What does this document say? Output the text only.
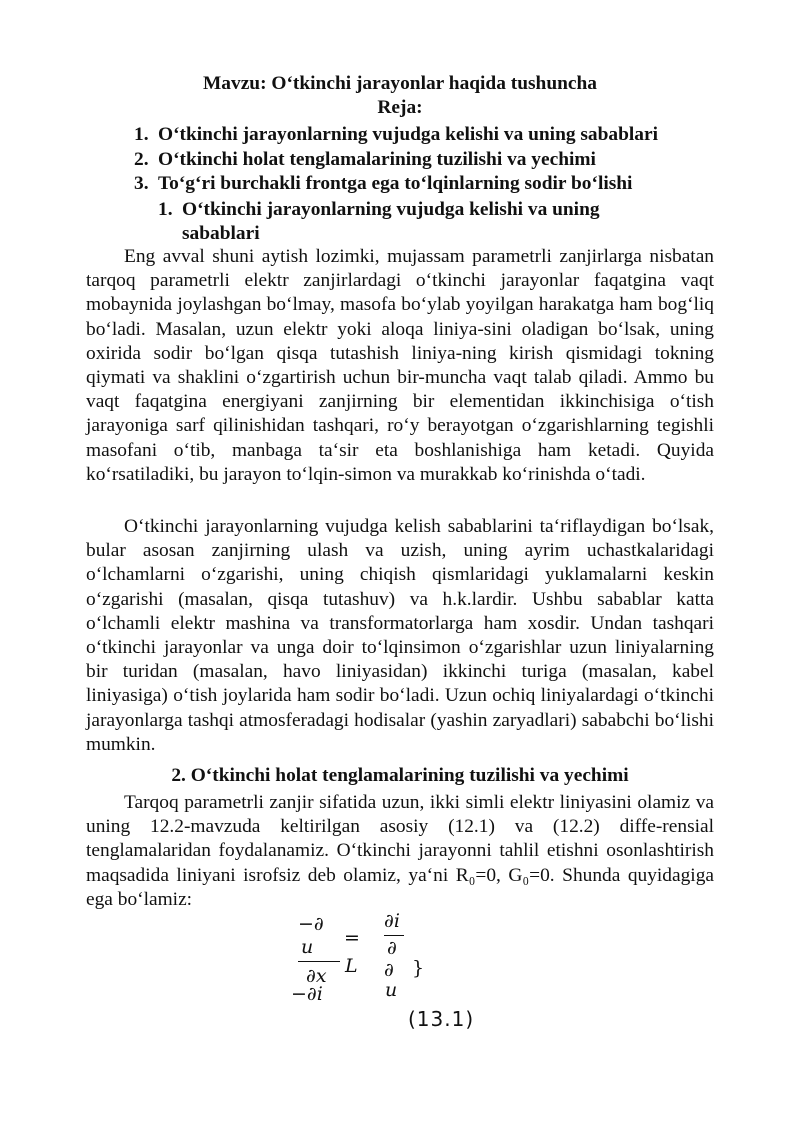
Mavzu: O‘tkinchi jarayonlar haqida tushuncha
Reja:
1. O‘tkinchi jarayonlarning vujudga kelishi va uning sabablari
2. O‘tkinchi holat tenglamalarining tuzilishi va yechimi
3. To‘g‘ri burchakli frontga ega to‘lqinlarning sodir bo‘lishi
1. O‘tkinchi jarayonlarning vujudga kelishi va uning sabablari

Eng avval shuni aytish lozimki, mujassam parametrli zanjirlarga nisbatan tarqoq parametrli elektr zanjirlardagi o‘tkinchi jarayonlar faqatgina vaqt mobaynida joylashgan bo‘lmay, masofa bo‘ylab yoyilgan harakatga ham bog‘liq bo‘ladi. Masalan, uzun elektr yoki aloqa liniya-sini oladigan bo‘lsak, uning oxirida sodir bo‘lgan qisqa tutashish liniya-ning kirish qismidagi tokning qiymati va shaklini o‘zgartirish uchun bir-muncha vaqt talab qiladi. Ammo bu vaqt faqatgina energiyani zanjirning bir elementidan ikkinchisiga o‘tish jarayoniga sarf qilinishidan tashqari, ro‘y berayotgan o‘zgarishlarning tegishli masofani o‘tib, manbaga ta‘sir eta boshlanishiga ham ketadi. Quyida ko‘rsatiladiki, bu jarayon to‘lqin-simon va murakkab ko‘rinishda o‘tadi.

O‘tkinchi jarayonlarning vujudga kelish sabablarini ta‘riflaydigan bo‘lsak, bular asosan zanjirning ulash va uzish, uning ayrim uchastkalaridagi o‘lchamlarni o‘zgarishi, uning chiqish qismlaridagi yuklamalarni keskin o‘zgarishi (masalan, qisqa tutashuv) va h.k.lardir. Ushbu sabablar katta o‘lchamli elektr mashina va transformatorlarga ham xosdir. Undan tashqari o‘tkinchi jarayonlar va unga doir to‘lqinsimon o‘zgarishlar uzun liniyalarning bir turidan (masalan, havo liniyasidan) ikkinchi turiga (masalan, kabel liniyasiga) o‘tish joylarida ham sodir bo‘ladi. Uzun ochiq liniyalardagi o‘tkinchi jarayonlarga tashqi atmosferadagi hodisalar (yashin zaryadlari) sababchi bo‘lishi mumkin.

2. O‘tkinchi holat tenglamalarining tuzilishi va yechimi

Tarqoq parametrli zanjir sifatida uzun, ikki simli elektr liniyasini olamiz va uning 12.2-mavzuda keltirilgan asosiy (12.1) va (12.2) diffe-rensial tenglamalaridan foydalanamiz. O‘tkinchi jarayonni tahlil etishni osonlashtirish maqsadida liniyani isrofsiz deb olamiz, ya‘ni R₀=0, G₀=0. Shunda quyidagiga ega bo‘lamiz:

−∂
u
∂x
−∂i
=
L
∂i
∂
∂
u
}
(13.1)
